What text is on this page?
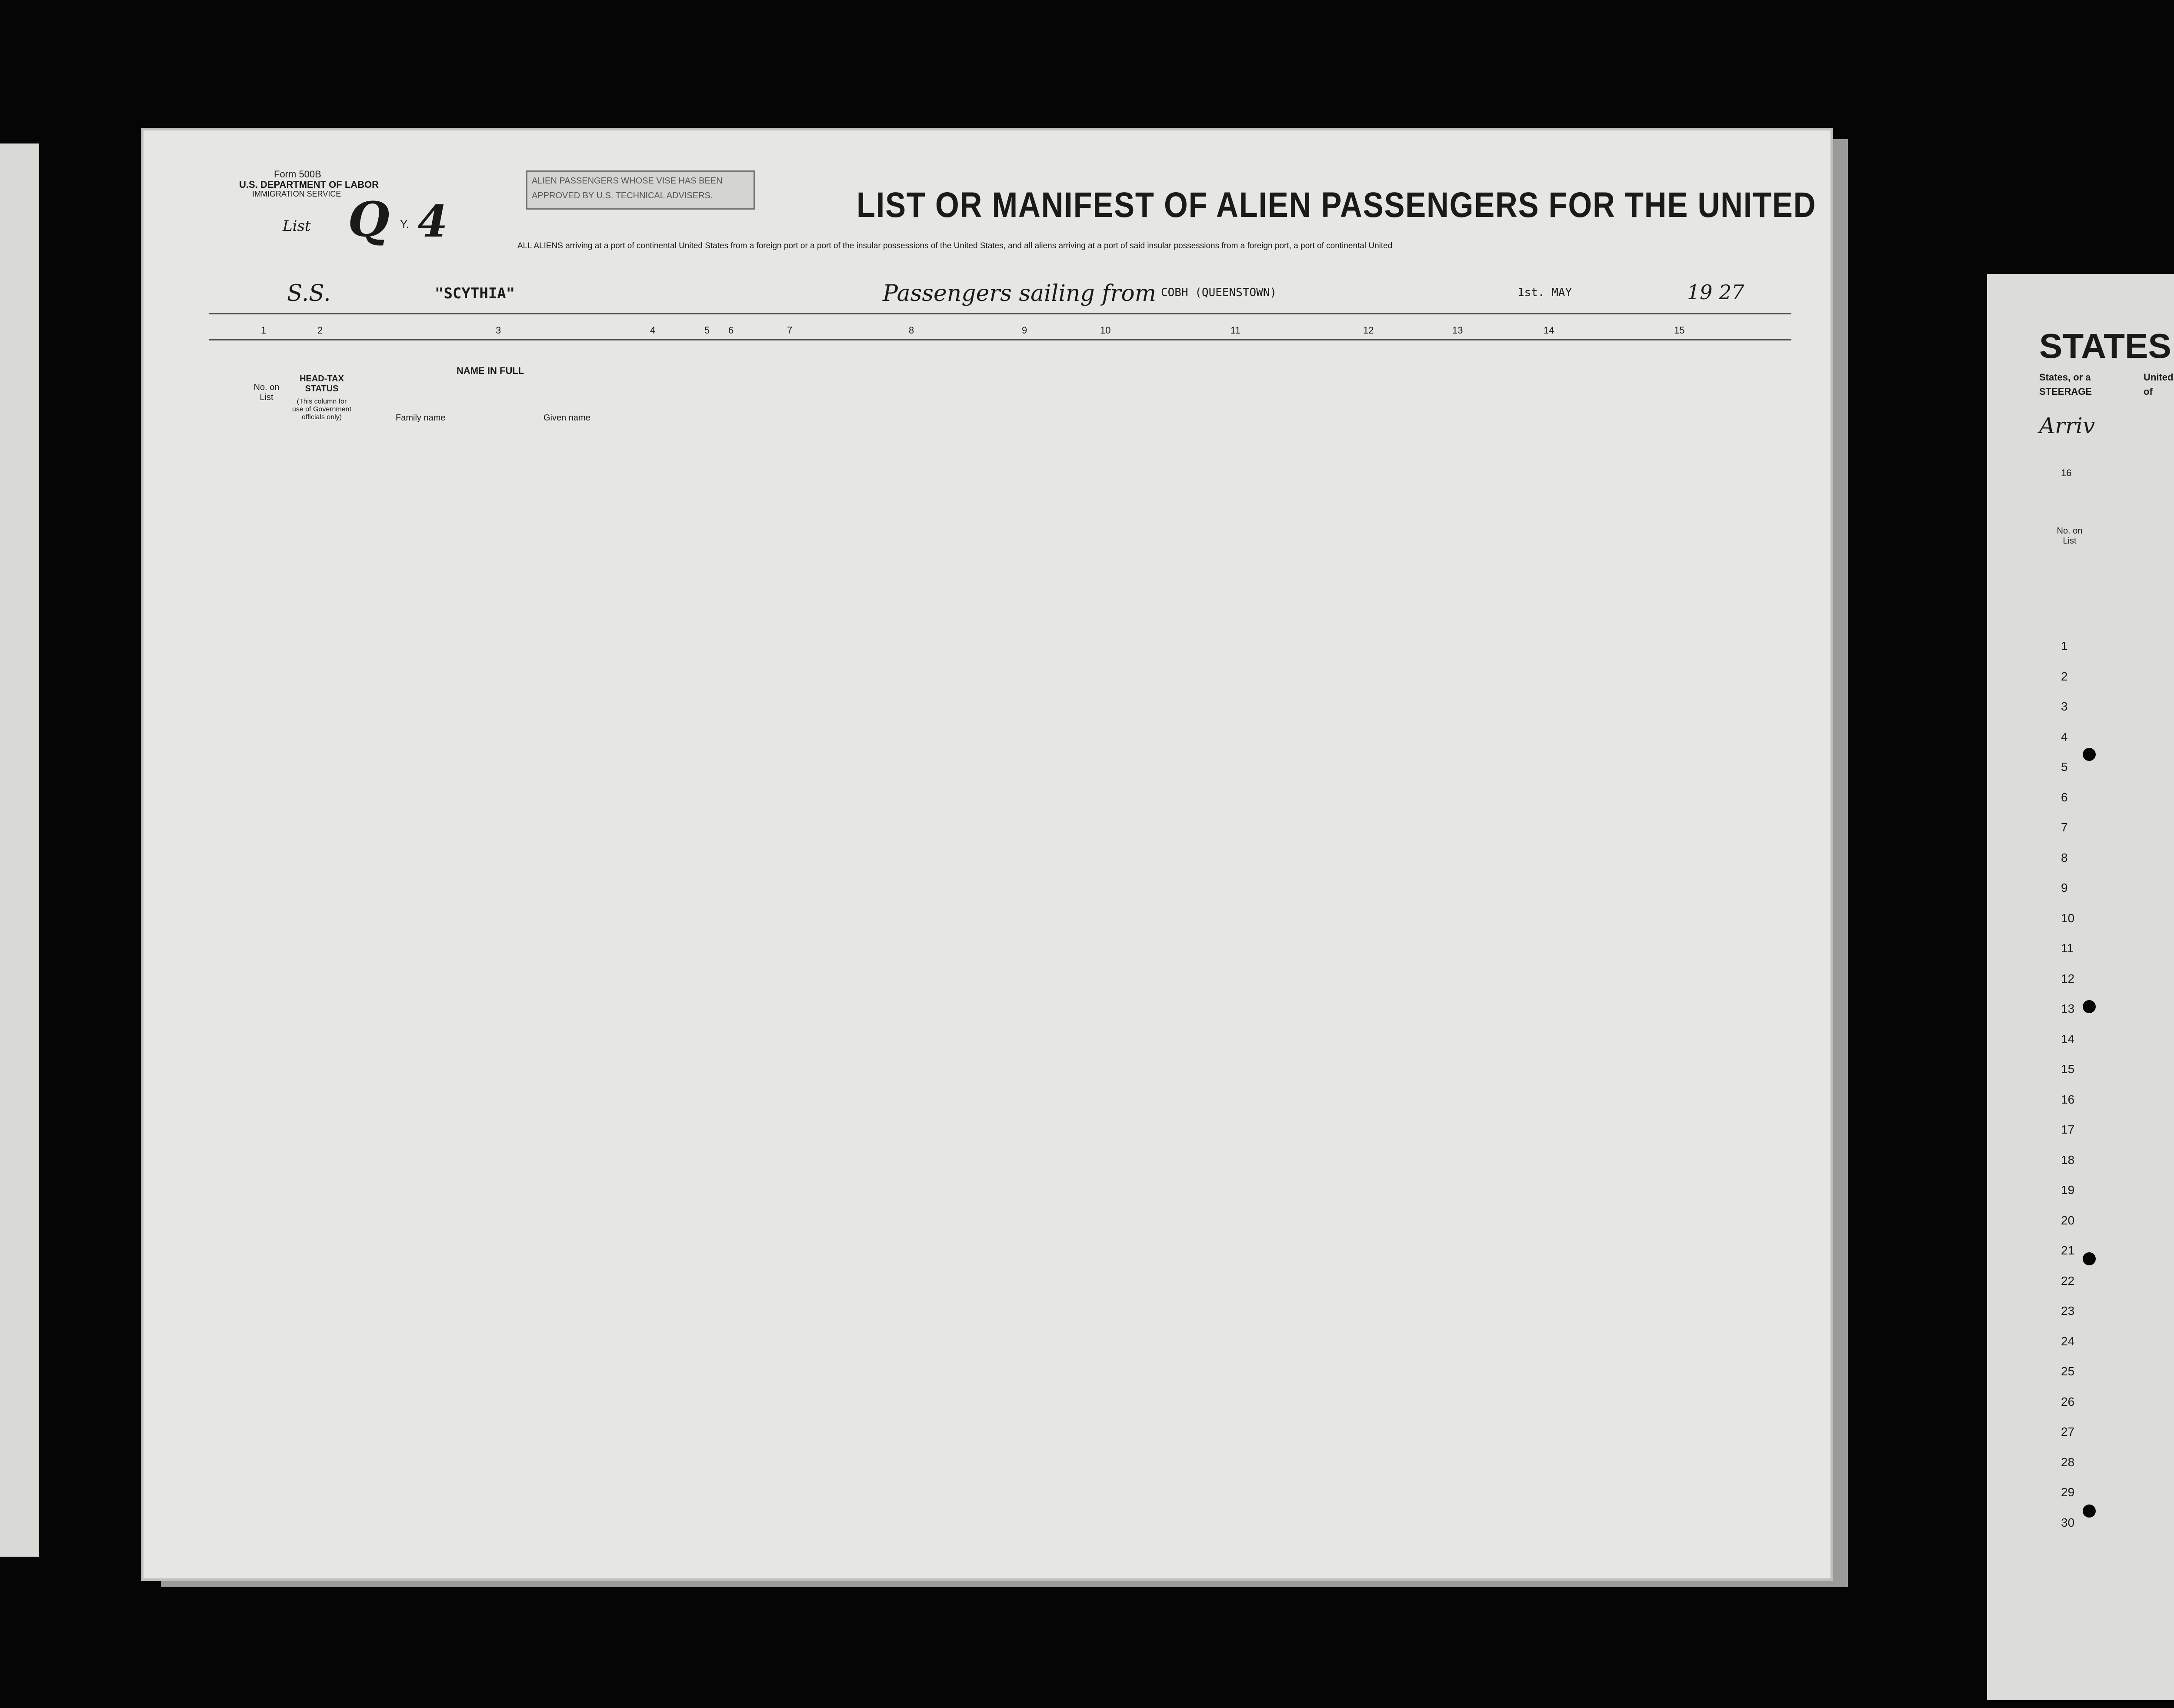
Form 500B
U.S. DEPARTMENT OF LABOR
IMMIGRATION SERVICE
List Q Y. 4
ALIEN PASSENGERS WHOSE VISE HAS BEEN
APPROVED BY U.S. TECHNICAL ADVISERS.	LIST OR MANIFEST OF ALIEN PASSENGERS FOR THE UNITED
ALL ALIENS arriving at a port of continental United States from a foreign port or a port of the insular possessions of the United States, and all aliens arriving at a port of said insular possessions from a foreign port, a port of continental United
S.S.	"SCYTHIA"	Passengers sailing from COBH (QUEENSTOWN)	1st. MAY	19 27
1	2	3	4	5 6	7	8	9	10	11	12	13	14	15
No. on List
HEAD-TAX STATUS
(This column for use of Government officials only)
NAME IN FULL
Family name	Given name
STATES
States, or a	United
STEERAGE	of
Arriv
16
No. on List
1
2
3
4
5
6
7
8
9
10
11
12
13
14
15
16
17
18
19
20
21
22
23
24
25
26
27
28
29
30
